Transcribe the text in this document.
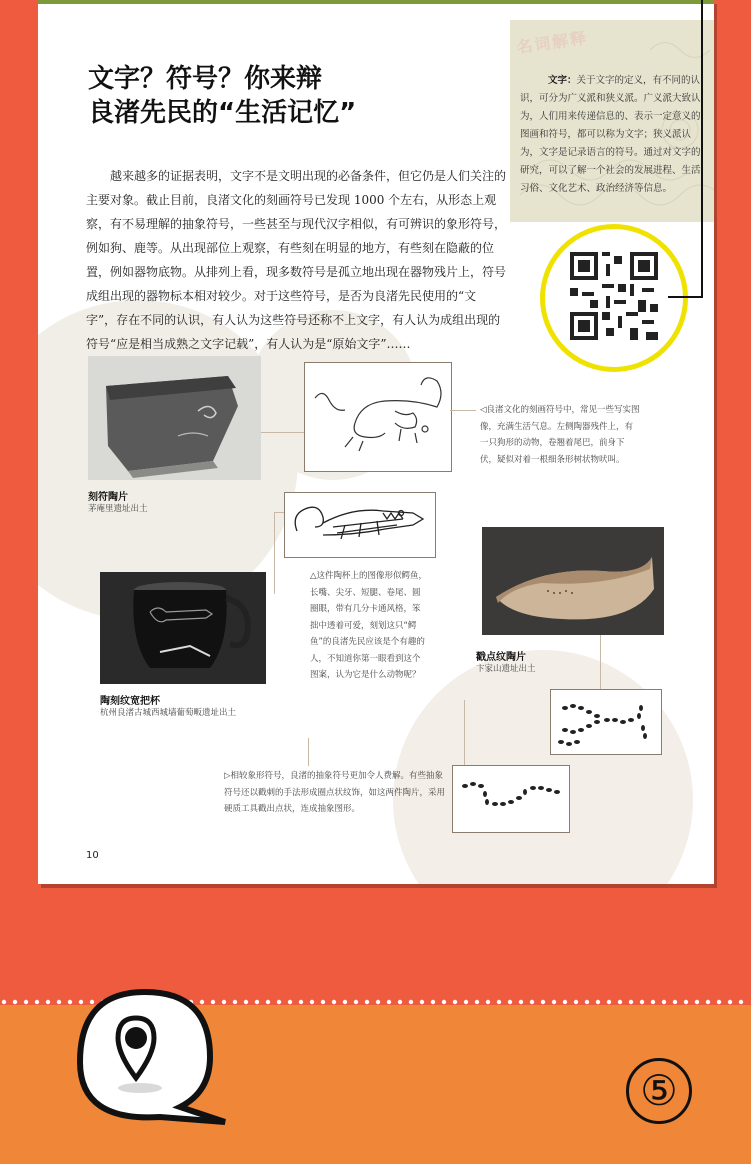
文字？符号？你来辩
良渚先民的“生活记忆”

越来越多的证据表明，文字不是文明出现的必备条件，但它仍是人们关注的主要对象。截止目前，良渚文化的刻画符号已发现 1000 个左右，从形态上观察，有不易理解的抽象符号，一些甚至与现代汉字相似，有可辨识的象形符号，例如狗、鹿等。从出现部位上观察，有些刻在明显的地方，有些刻在隐蔽的位置，例如器物底物。从排列上看，现多数符号是孤立地出现在器物残片上，符号成组出现的器物标本相对较少。对于这些符号，是否为良渚先民使用的“文字”，存在不同的认识，有人认为这些符号还称不上文字，有人认为成组出现的符号“应是相当成熟之文字记载”，有人认为是“原始文字”……

名词解释

文字：关于文字的定义，有不同的认识，可分为广义派和狭义派。广义派大致认为，人们用来传递信息的、表示一定意义的图画和符号，都可以称为文字；狭义派认为，文字是记录语言的符号。通过对文字的研究，可以了解一个社会的发展进程、生活习俗、文化艺术、政治经济等信息。

刻符陶片
茅庵里遗址出土

◁良渚文化的刻画符号中，常见一些写实图像，充满生活气息。左侧陶器残件上，有一只狗形的动物，卷翘着尾巴，前身下伏，疑似对着一根细条形树状物吠叫。

△这件陶杯上的图像形似鳄鱼，长嘴、尖牙、短腿、卷尾、圆圈眼，带有几分卡通风格，笨拙中透着可爱，刻划这只“鳄鱼”的良渚先民应该是个有趣的人，不知道你第一眼看到这个图案，认为它是什么动物呢？

陶刻纹宽把杯
杭州良渚古城西城墙葡萄畈遗址出土
戳点纹陶片
卞家山遗址出土

▷相较象形符号，良渚的抽象符号更加令人费解。有些抽象符号还以戳刺的手法形成圈点状纹饰，如这两件陶片，采用硬质工具戳出点状，连成抽象图形。

10
⑤
